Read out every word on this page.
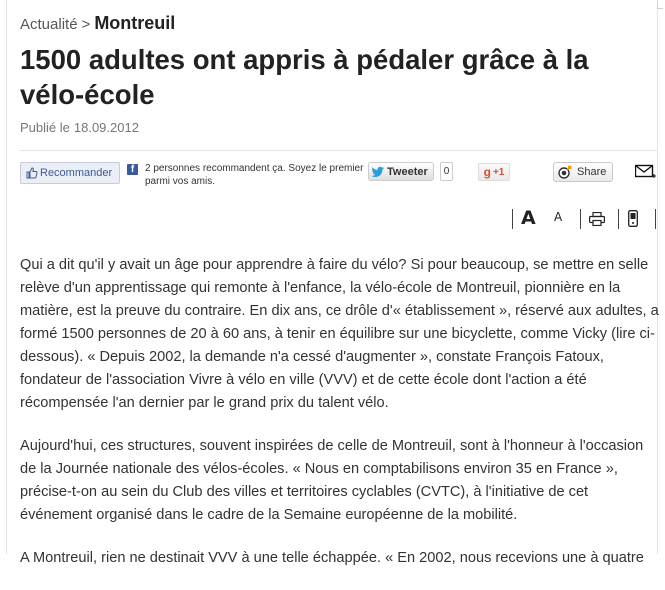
Actualité > Montreuil
1500 adultes ont appris à pédaler grâce à la vélo-école
Publié le 18.09.2012
Recommander	f	2 personnes recommandent ça. Soyez le premier parmi vos amis.
Tweeter	0	g +1	Share
A A

Qui a dit qu'il y avait un âge pour apprendre à faire du vélo? Si pour beaucoup, se mettre en selle relève d'un apprentissage qui remonte à l'enfance, la vélo-école de Montreuil, pionnière en la matière, est la preuve du contraire. En dix ans, ce drôle d'« établissement », réservé aux adultes, a formé 1500 personnes de 20 à 60 ans, à tenir en équilibre sur une bicyclette, comme Vicky (lire ci-dessous). « Depuis 2002, la demande n'a cessé d'augmenter », constate François Fatoux, fondateur de l'association Vivre à vélo en ville (VVV) et de cette école dont l'action a été récompensée l'an dernier par le grand prix du talent vélo.

Aujourd'hui, ces structures, souvent inspirées de celle de Montreuil, sont à l'honneur à l'occasion de la Journée nationale des vélos-écoles. « Nous en comptabilisons environ 35 en France », précise-t-on au sein du Club des villes et territoires cyclables (CVTC), à l'initiative de cet événement organisé dans le cadre de la Semaine européenne de la mobilité.

A Montreuil, rien ne destinait VVV à une telle échappée. « En 2002, nous recevions une à quatre
